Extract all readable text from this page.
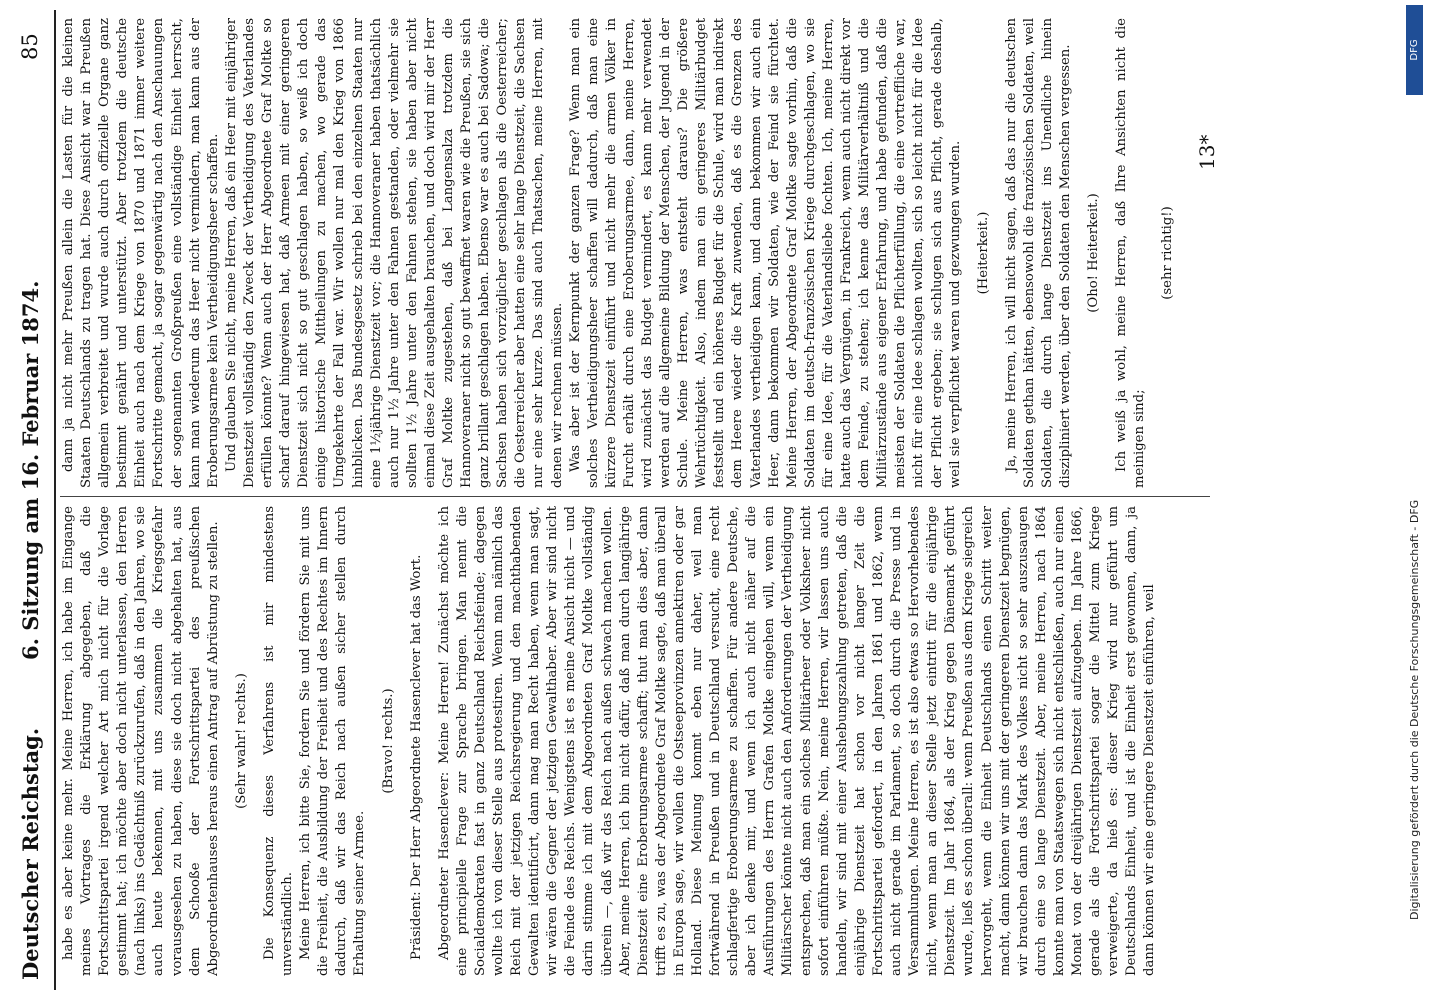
Deutscher Reichstag.
6. Sitzung am 16. Februar 1874.
85

habe es aber keine mehr. Meine Herren, ich habe im Eingange meines Vortrages die Erklärung abgegeben, daß die Fortschrittspartei irgend welcher Art mich nicht für die Vorlage gestimmt hat; ich möchte aber doch nicht unterlassen, den Herren (nach links) ins Gedächtniß zurückzurufen, daß in den Jahren, wo sie auch heute bekennen, mit uns zusammen die Kriegsgefahr vorausgesehen zu haben, diese sie doch nicht abgehalten hat, aus dem Schooße der Fortschrittspartei des preußischen Abgeordnetenhauses heraus einen Antrag auf Abrüstung zu stellen. (Sehr wahr! rechts.) Die Konsequenz dieses Verfahrens ist mir mindestens unverständlich. Meine Herren, ich bitte Sie, fordern Sie und fördern Sie mit uns die Freiheit, die Ausbildung der Freiheit und des Rechtes im Innern dadurch, daß wir das Reich nach außen sicher stellen durch Erhaltung seiner Armee.

(Bravo! rechts.) Präsident: Der Herr Abgeordnete Hasenclever hat das Wort. Abgeordneter Hasenclever: Meine Herren! Zunächst möchte ich eine principielle Frage zur Sprache bringen. Man nennt die Socialdemokraten fast in ganz Deutschland Reichsfeinde; dagegen wollte ich von dieser Stelle aus protestiren. Wenn man nämlich das Reich mit der jetzigen Reichsregierung und den machthabenden Gewalten identificirt, dann mag man Recht haben, wenn man sagt, wir wären die Gegner der jetzigen Gewalthaber. Aber wir sind nicht die Feinde des Reichs. Wenigstens ist es meine Ansicht nicht — und darin stimme ich mit dem Abgeordneten Graf Moltke vollständig überein —, daß wir das Reich nach außen schwach machen wollen. Aber, meine Herren, ich bin nicht dafür, daß man durch langjährige Dienstzeit eine Eroberungsarmee schafft; thut man dies aber, dann trifft es zu, was der Abgeordnete Graf Moltke sagte, daß man überall in Europa sage, wir wollen die Ostseeprovinzen annektiren oder gar Holland. Diese Meinung kommt eben nur daher, weil man fortwährend in Preußen und in Deutschland versucht, eine recht schlagfertige Eroberungsarmee zu schaffen. Für andere Deutsche, aber ich denke mir, und wenn ich auch nicht näher auf die Ausführungen des Herrn Grafen Moltke eingehen will, wenn ein Militärscher könnte nicht auch den Anforderungen der Vertheidigung entsprechen, daß man ein solches Militärheer oder Volksheer nicht sofort einführen müßte. Nein, meine Herren, wir lassen uns auch handeln, wir sind mit einer Aushebungszahlung getreten, daß die einjährige Dienstzeit hat schon vor nicht langer Zeit die Fortschrittspartei gefordert, in den Jahren 1861 und 1862, wenn auch nicht gerade im Parlament, so doch durch die Presse und in Versammlungen. Meine Herren, es ist also etwas so Hervorhebendes nicht, wenn man an dieser Stelle jetzt eintritt für die einjährige Dienstzeit. Im Jahr 1864, als der Krieg gegen Dänemark geführt wurde, ließ es schon überall: wenn Preußen aus dem Kriege siegreich hervorgeht, wenn die Einheit Deutschlands einen Schritt weiter macht, dann können wir uns mit der geringeren Dienstzeit begnügen, wir brauchen dann das Mark des Volkes nicht so sehr auszusaugen durch eine so lange Dienstzeit. Aber, meine Herren, nach 1864 konnte man von Staatswegen sich nicht entschließen, auch nur einen Monat von der dreijährigen Dienstzeit aufzugeben. Im Jahre 1866, gerade als die Fortschrittspartei sogar die Mittel zum Kriege verweigerte, da hieß es: dieser Krieg wird nur geführt um Deutschlands Einheit, und ist die Einheit erst gewonnen, dann, ja dann können wir eine geringere Dienstzeit einführen, weil

dann ja nicht mehr Preußen allein die Lasten für die kleinen Staaten Deutschlands zu tragen hat. Diese Ansicht war in Preußen allgemein verbreitet und wurde auch durch offizielle Organe ganz bestimmt genährt und unterstützt. Aber trotzdem die deutsche Einheit auch nach dem Kriege von 1870 und 1871 immer weitere Fortschritte gemacht, ja sogar gegenwärtig nach den Anschauungen der sogenannten Großpreußen eine vollständige Einheit herrscht, kann man wiederum das Heer nicht vermindern, man kann aus der Eroberungsarmee kein Vertheidigungsheer schaffen. Und glauben Sie nicht, meine Herren, daß ein Heer mit einjähriger Dienstzeit vollständig den Zweck der Vertheidigung des Vaterlandes erfüllen könnte? Wenn auch der Herr Abgeordnete Graf Moltke so scharf darauf hingewiesen hat, daß Armeen mit einer geringeren Dienstzeit sich nicht so gut geschlagen haben, so weiß ich doch einige historische Mittheilungen zu machen, wo gerade das Umgekehrte der Fall war. Wir wollen nur mal den Krieg von 1866 hinblicken. Das Bundesgesetz schrieb bei den einzelnen Staaten nur eine 1½jährige Dienstzeit vor; die Hannoveraner haben thatsächlich auch nur 1½ Jahre unter den Fahnen gestanden, oder vielmehr sie sollten 1½ Jahre unter den Fahnen stehen, sie haben aber nicht einmal diese Zeit ausgehalten brauchen, und doch wird mir der Herr Graf Moltke zugestehen, daß bei Langensalza trotzdem die Hannoveraner nicht so gut bewaffnet waren wie die Preußen, sie sich ganz brillant geschlagen haben. Ebenso war es auch bei Sadowa; die Sachsen haben sich vorzüglicher geschlagen als die Oesterreicher; die Oesterreicher aber hatten eine sehr lange Dienstzeit, die Sachsen nur eine sehr kurze. Das sind auch Thatsachen, meine Herren, mit denen wir rechnen müssen. Was aber ist der Kernpunkt der ganzen Frage? Wenn man ein solches Vertheidigungsheer schaffen will dadurch, daß man eine kürzere Dienstzeit einführt und nicht mehr die armen Völker in Furcht erhält durch eine Eroberungsarmee, dann, meine Herren, wird zunächst das Budget vermindert, es kann mehr verwendet werden auf die allgemeine Bildung der Menschen, der Jugend in der Schule. Meine Herren, was entsteht daraus? Die größere Wehrtüchtigkeit. Also, indem man ein geringeres Militärbudget feststellt und ein höheres Budget für die Schule, wird man indirekt dem Heere wieder die Kraft zuwenden, daß es die Grenzen des Vaterlandes vertheidigen kann, und dann bekommen wir auch ein Heer, dann bekommen wir Soldaten, wie der Feind sie fürchtet. Meine Herren, der Abgeordnete Graf Moltke sagte vorhin, daß die Soldaten im deutsch-französischen Kriege durchgeschlagen, wo sie für eine Idee, für die Vaterlandsliebe fochten. Ich, meine Herren, hatte auch das Vergnügen, in Frankreich, wenn auch nicht direkt vor dem Feinde, zu stehen; ich kenne das Militärverhältniß und die Militärzustände aus eigener Erfahrung, und habe gefunden, daß die meisten der Soldaten die Pflichterfüllung, die eine vortreffliche war, nicht für eine Idee schlagen wollten, sich so leicht nicht für die Idee der Pflicht ergeben; sie schlugen sich aus Pflicht, gerade deshalb, weil sie verpflichtet waren und gezwungen wurden. (Heiterkeit.) Ja, meine Herren, ich will nicht sagen, daß das nur die deutschen Soldaten gethan hätten, ebensowohl die französischen Soldaten, weil Soldaten, die durch lange Dienstzeit ins Unendliche hinein diszipliniert werden, über den Soldaten den Menschen vergessen. (Oho! Heiterkeit.) Ich weiß ja wohl, meine Herren, daß Ihre Ansichten nicht die meinigen sind;

(sehr richtig!)

13*
Digitalisierung gefördert durch die Deutsche Forschungsgemeinschaft - DFG
DFG
